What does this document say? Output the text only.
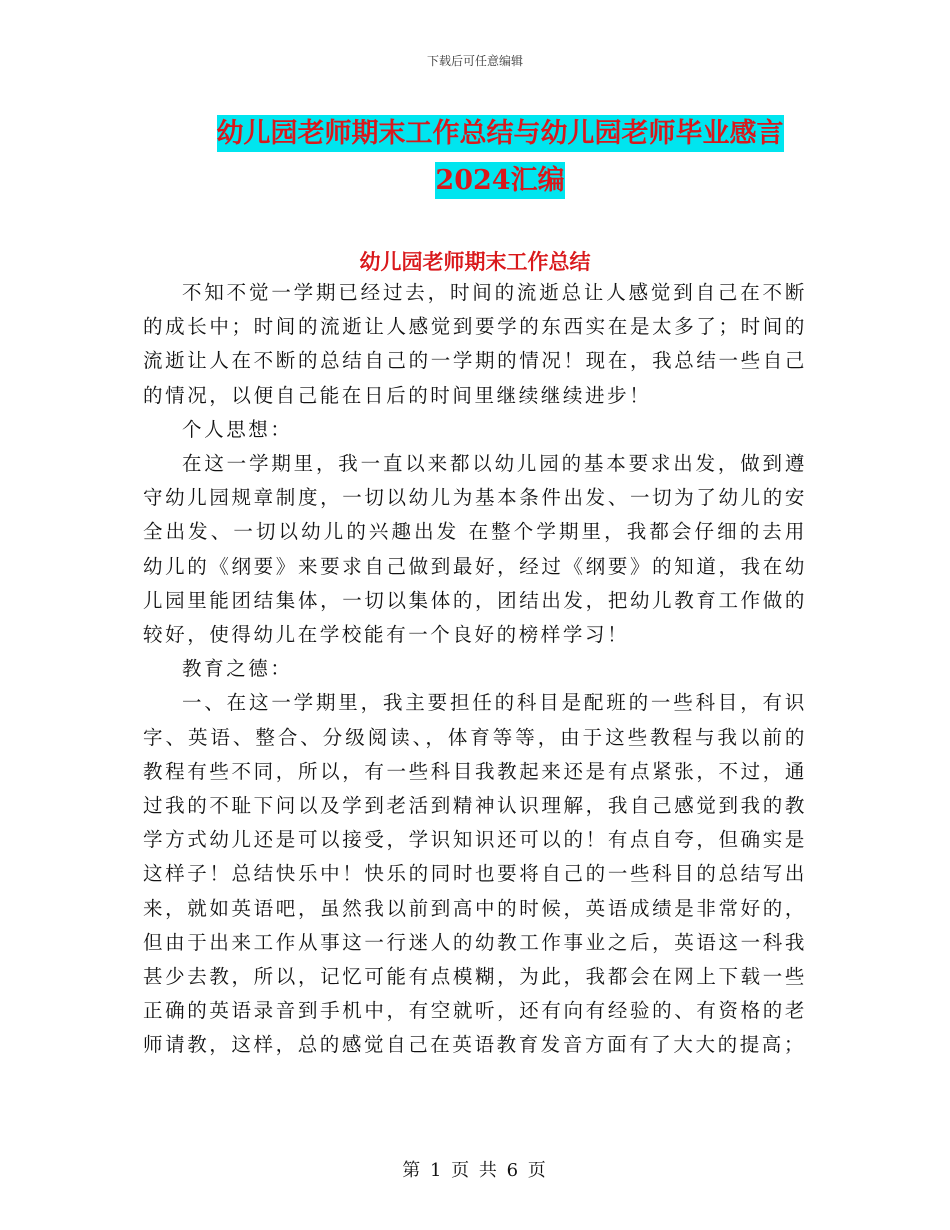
下载后可任意编辑
幼儿园老师期末工作总结与幼儿园老师毕业感言2024汇编
幼儿园老师期末工作总结

不知不觉一学期已经过去，时间的流逝总让人感觉到自己在不断的成长中；时间的流逝让人感觉到要学的东西实在是太多了；时间的流逝让人在不断的总结自己的一学期的情况！现在，我总结一些自己的情况，以便自己能在日后的时间里继续继续进步！

个人思想：

在这一学期里，我一直以来都以幼儿园的基本要求出发，做到遵守幼儿园规章制度，一切以幼儿为基本条件出发、一切为了幼儿的安全出发、一切以幼儿的兴趣出发 在整个学期里，我都会仔细的去用幼儿的《纲要》来要求自己做到最好，经过《纲要》的知道，我在幼儿园里能团结集体，一切以集体的，团结出发，把幼儿教育工作做的较好，使得幼儿在学校能有一个良好的榜样学习！

教育之德：

一、在这一学期里，我主要担任的科目是配班的一些科目，有识字、英语、整合、分级阅读、，体育等等，由于这些教程与我以前的教程有些不同，所以，有一些科目我教起来还是有点紧张，不过，通过我的不耻下问以及学到老活到精神认识理解，我自己感觉到我的教学方式幼儿还是可以接受，学识知识还可以的！有点自夸，但确实是这样子！总结快乐中！快乐的同时也要将自己的一些科目的总结写出来，就如英语吧，虽然我以前到高中的时候，英语成绩是非常好的，但由于出来工作从事这一行迷人的幼教工作事业之后，英语这一科我甚少去教，所以，记忆可能有点模糊，为此，我都会在网上下载一些正确的英语录音到手机中，有空就听，还有向有经验的、有资格的老师请教，这样，总的感觉自己在英语教育发音方面有了大大的提高；

第 1 页 共 6 页
